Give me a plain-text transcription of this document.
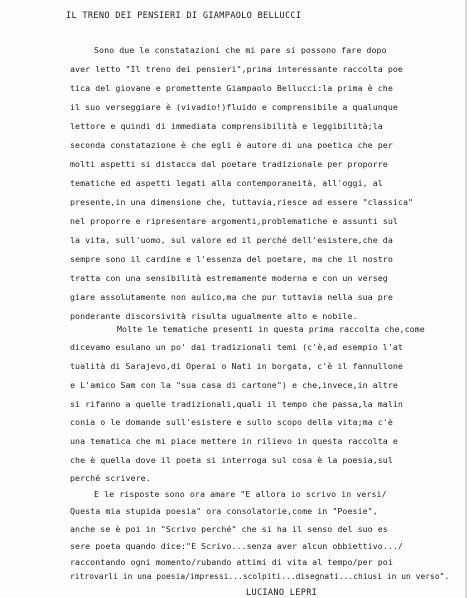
IL TRENO DEI PENSIERI DI GIAMPAOLO BELLUCCI
Sono due le constatazioni che mi pare si possono fare dopo
aver letto "Il treno dei pensieri",prima interessante raccolta poe
tica del giovane e promettente Giampaolo Bellucci:la prima è che
il suo verseggiare è (vivadio!)fluido e comprensibile a qualunque
lettore e quindi di immediata comprensibilità e leggibilità;la
seconda constatazione è che egli è autore di una poetica che per
molti aspetti si distacca dal poetare tradizionale per proporre
tematiche ed aspetti legati alla contemporaneità, all'oggi, al
presente,in una dimensione che, tuttavia,riesce ad essere "classica"
nel proporre e ripresentare argomenti,problematiche e assunti sul
la vita, sull'uomo, sul valore ed il perché dell'esistere,che da
sempre sono il cardine e l'essenza del poetare, ma che il nostro
tratta con una sensibilità estremamente moderna e con un verseg
giare assolutamente non aulico,ma che pur tuttavia nella sua pre
ponderante discorsività risulta ugualmente alto e nobile.
Molte le tematiche presenti in questa prima raccolta che,come
dicevamo esulano un po' dai tradizionali temi (c'è,ad esempio l'at
tualità di Sarajevo,di Operai o Nati in borgata, c'è il fannullone
e L'amico Sam con la "sua casa di cartone") e che,invece,in altre
si rifanno a quelle tradizionali,quali il tempo che passa,la malin
conia o le domande sull'esistere e sullo scopo della vita;ma c'è
una tematica che mi piace mettere in rilievo in questa raccolta e
che è quella dove il poeta si interroga sul cosa è la poesia,sul
perché scrivere.
E le risposte sono ora amare "E allora io scrivo in versi/
Questa mia stupida poesia" ora consolatorie,come in "Poesie",
anche se è poi in "Scrivo perché" che si ha il senso del suo es
sere poeta quando dice:"E Scrivo...senza aver alcun obbiettivo.../
raccontando ogni momento/rubando attimi di vita al tempo/per poi
ritrovarli in una poesia/impressi...scolpiti...disegnati...chiusi in un verso".
LUCIANO LEPRI
